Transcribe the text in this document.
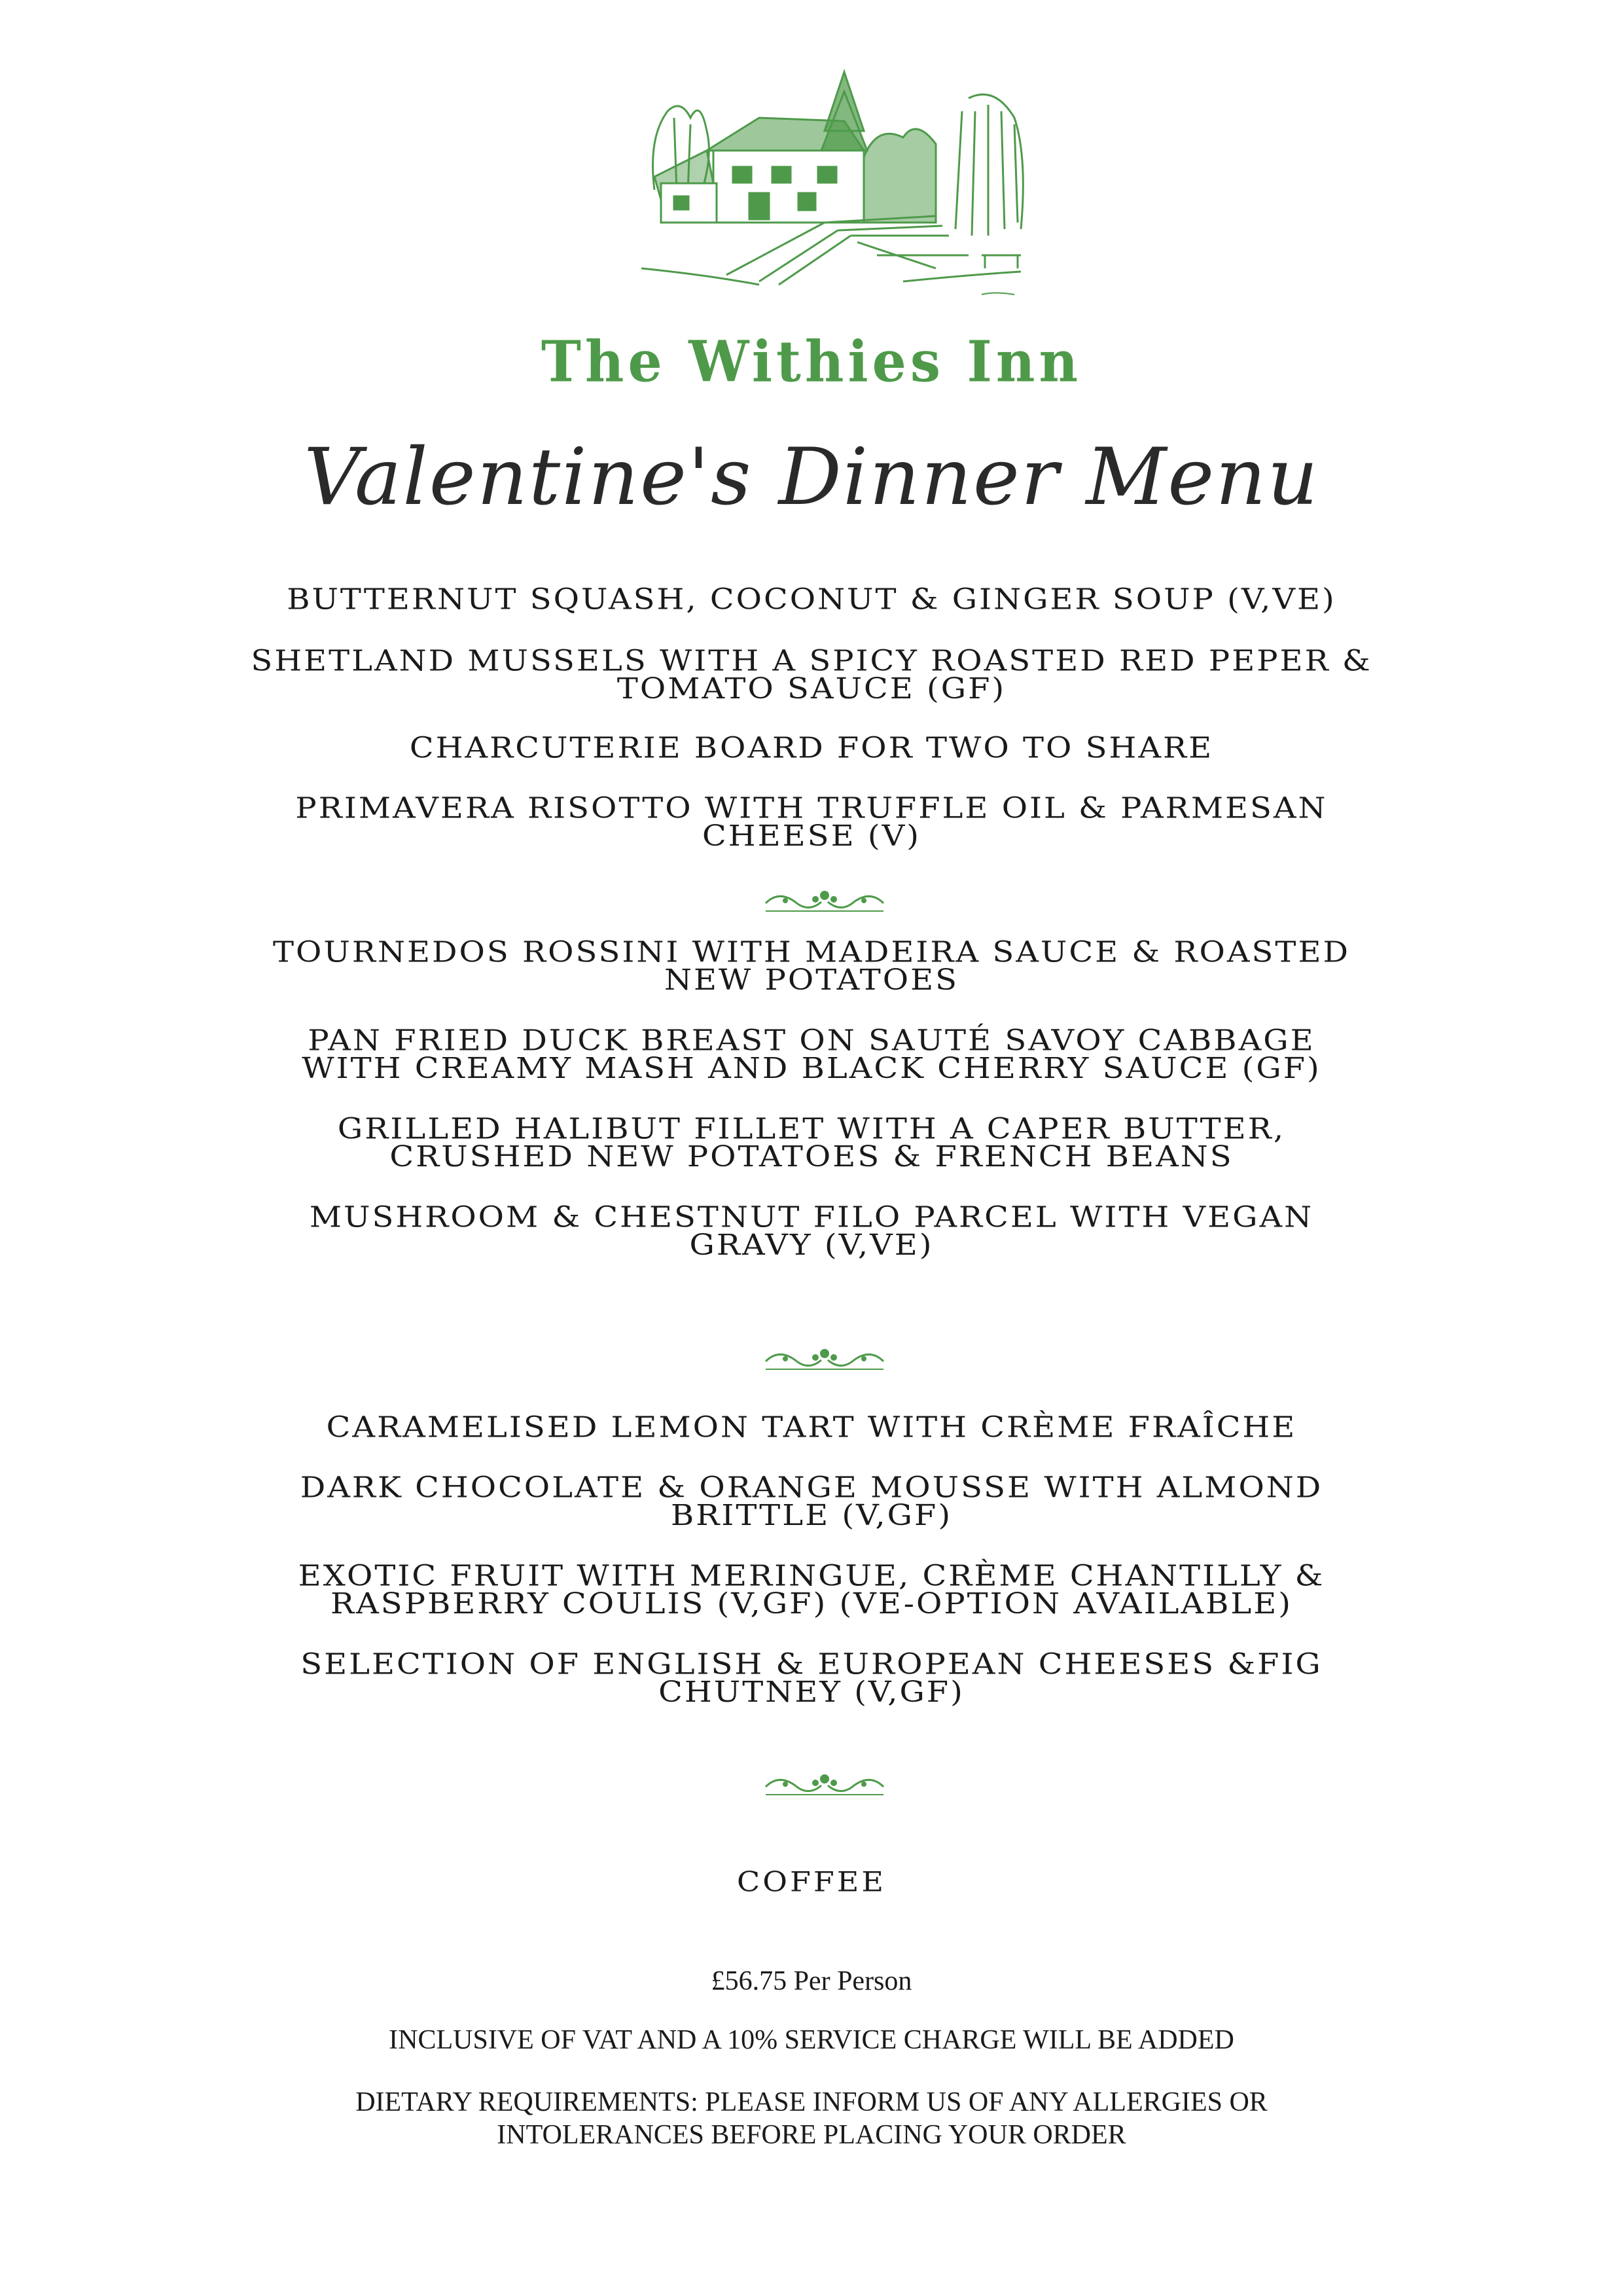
The Withies Inn
Valentine's Dinner Menu
BUTTERNUT SQUASH, COCONUT & GINGER SOUP (V,VE)
SHETLAND MUSSELS WITH A SPICY ROASTED RED PEPER &
TOMATO SAUCE (GF)
CHARCUTERIE BOARD FOR TWO TO SHARE
PRIMAVERA RISOTTO WITH TRUFFLE OIL & PARMESAN
CHEESE (V)
TOURNEDOS ROSSINI WITH MADEIRA SAUCE & ROASTED
NEW POTATOES
PAN FRIED DUCK BREAST ON SAUTÉ SAVOY CABBAGE
WITH CREAMY MASH AND BLACK CHERRY SAUCE (GF)
GRILLED HALIBUT FILLET WITH A CAPER BUTTER,
CRUSHED NEW POTATOES & FRENCH BEANS
MUSHROOM & CHESTNUT FILO PARCEL WITH VEGAN
GRAVY (V,VE)
CARAMELISED LEMON TART WITH CRÈME FRAÎCHE
DARK CHOCOLATE & ORANGE MOUSSE WITH ALMOND
BRITTLE (V,GF)
EXOTIC FRUIT WITH MERINGUE, CRÈME CHANTILLY &
RASPBERRY COULIS (V,GF) (VE-OPTION AVAILABLE)
SELECTION OF ENGLISH & EUROPEAN CHEESES &FIG
CHUTNEY (V,GF)
COFFEE
£56.75 Per Person
INCLUSIVE OF VAT AND A 10% SERVICE CHARGE WILL BE ADDED
DIETARY REQUIREMENTS: PLEASE INFORM US OF ANY ALLERGIES OR
INTOLERANCES BEFORE PLACING YOUR ORDER
